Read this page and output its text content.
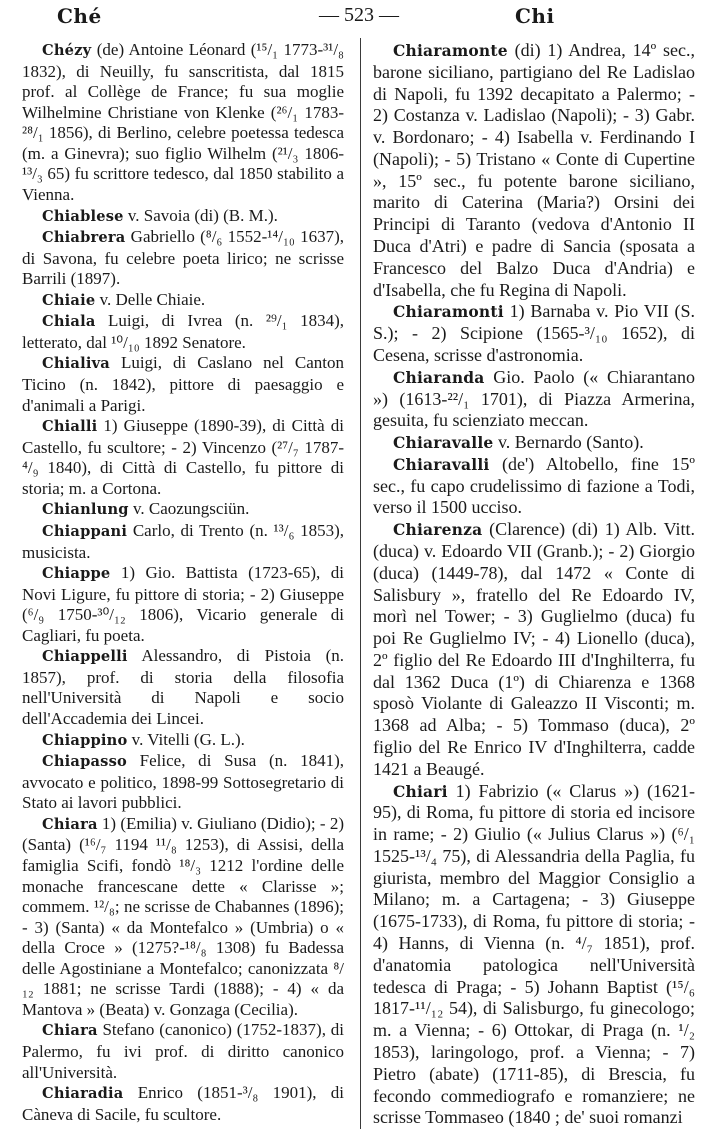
Ché	— 523 —	Chi

Chézy (de) Antoine Léonard (¹⁵/₁ 1773-³¹/₈ 1832), di Neuilly, fu sanscritista, dal 1815 prof. al Collège de France; fu sua moglie Wilhelmine Christiane von Klenke (²⁶/₁ 1783-²⁸/₁ 1856), di Berlino, celebre poetessa tedesca (m. a Ginevra); suo figlio Wilhelm (²¹/₃ 1806-¹³/₃ 65) fu scrittore tedesco, dal 1850 stabilito a Vienna.

Chiablese v. Savoia (di) (B. M.).

Chiabrera Gabriello (⁸/₆ 1552-¹⁴/₁₀ 1637), di Savona, fu celebre poeta lirico; ne scrisse Barrili (1897).

Chiaie v. Delle Chiaie.

Chiala Luigi, di Ivrea (n. ²⁹/₁ 1834), letterato, dal ¹⁰/₁₀ 1892 Senatore.

Chialiva Luigi, di Caslano nel Canton Ticino (n. 1842), pittore di paesaggio e d'animali a Parigi.

Chialli 1) Giuseppe (1890-39), di Città di Castello, fu scultore; - 2) Vincenzo (²⁷/₇ 1787-⁴/₉ 1840), di Città di Castello, fu pittore di storia; m. a Cortona.

Chianlung v. Caozungsciün.

Chiappani Carlo, di Trento (n. ¹³/₆ 1853), musicista.

Chiappe 1) Gio. Battista (1723-65), di Novi Ligure, fu pittore di storia; - 2) Giuseppe (⁶/₉ 1750-³⁰/₁₂ 1806), Vicario generale di Cagliari, fu poeta.

Chiappelli Alessandro, di Pistoia (n. 1857), prof. di storia della filosofia nell'Università di Napoli e socio dell'Accademia dei Lincei.

Chiappino v. Vitelli (G. L.).

Chiapasso Felice, di Susa (n. 1841), avvocato e politico, 1898-99 Sottosegretario di Stato ai lavori pubblici.

Chiara 1) (Emilia) v. Giuliano (Didio); - 2) (Santa) (¹⁶/₇ 1194 ¹¹/₈ 1253), di Assisi, della famiglia Scifi, fondò ¹⁸/₃ 1212 l'ordine delle monache francescane dette « Clarisse »; commem. ¹²/₈; ne scrisse de Chabannes (1896); - 3) (Santa) « da Montefalco » (Umbria) o « della Croce » (1275?-¹⁸/₈ 1308) fu Badessa delle Agostiniane a Montefalco; canonizzata ⁸/₁₂ 1881; ne scrisse Tardi (1888); - 4) « da Mantova » (Beata) v. Gonzaga (Cecilia).

Chiara Stefano (canonico) (1752-1837), di Palermo, fu ivi prof. di diritto canonico all'Università.

Chiaradia Enrico (1851-³/₈ 1901), di Càneva di Sacile, fu scultore.

Chiaramonte (di) 1) Andrea, 14º sec., barone siciliano, partigiano del Re Ladislao di Napoli, fu 1392 decapitato a Palermo; - 2) Costanza v. Ladislao (Napoli); - 3) Gabr. v. Bordonaro; - 4) Isabella v. Ferdinando I (Napoli); - 5) Tristano « Conte di Cupertine », 15º sec., fu potente barone siciliano, marito di Caterina (Maria?) Orsini dei Principi di Taranto (vedova d'Antonio II Duca d'Atri) e padre di Sancia (sposata a Francesco del Balzo Duca d'Andria) e d'Isabella, che fu Regina di Napoli.

Chiaramonti 1) Barnaba v. Pio VII (S. S.); - 2) Scipione (1565-³/₁₀ 1652), di Cesena, scrisse d'astronomia.

Chiaranda Gio. Paolo (« Chiarantano ») (1613-²²/₁ 1701), di Piazza Armerina, gesuita, fu scienziato meccan.

Chiaravalle v. Bernardo (Santo).

Chiaravalli (de') Altobello, fine 15º sec., fu capo crudelissimo di fazione a Todi, verso il 1500 ucciso.

Chiarenza (Clarence) (di) 1) Alb. Vitt. (duca) v. Edoardo VII (Granb.); - 2) Giorgio (duca) (1449-78), dal 1472 « Conte di Salisbury », fratello del Re Edoardo IV, morì nel Tower; - 3) Guglielmo (duca) fu poi Re Guglielmo IV; - 4) Lionello (duca), 2º figlio del Re Edoardo III d'Inghilterra, fu dal 1362 Duca (1º) di Chiarenza e 1368 sposò Violante di Galeazzo II Visconti; m. 1368 ad Alba; - 5) Tommaso (duca), 2º figlio del Re Enrico IV d'Inghilterra, cadde 1421 a Beaugé.

Chiari 1) Fabrizio (« Clarus ») (1621-95), di Roma, fu pittore di storia ed incisore in rame; - 2) Giulio (« Julius Clarus ») (⁶/₁ 1525-¹³/₄ 75), di Alessandria della Paglia, fu giurista, membro del Maggior Consiglio a Milano; m. a Cartagena; - 3) Giuseppe (1675-1733), di Roma, fu pittore di storia; - 4) Hanns, di Vienna (n. ⁴/₇ 1851), prof. d'anatomia patologica nell'Università tedesca di Praga; - 5) Johann Baptist (¹⁵/₆ 1817-¹¹/₁₂ 54), di Salisburgo, fu ginecologo; m. a Vienna; - 6) Ottokar, di Praga (n. ¹/₂ 1853), laringologo, prof. a Vienna; - 7) Pietro (abate) (1711-85), di Brescia, fu fecondo commediografo e romanziere; ne scrisse Tommaseo (1840 ; de' suoi romanzi
